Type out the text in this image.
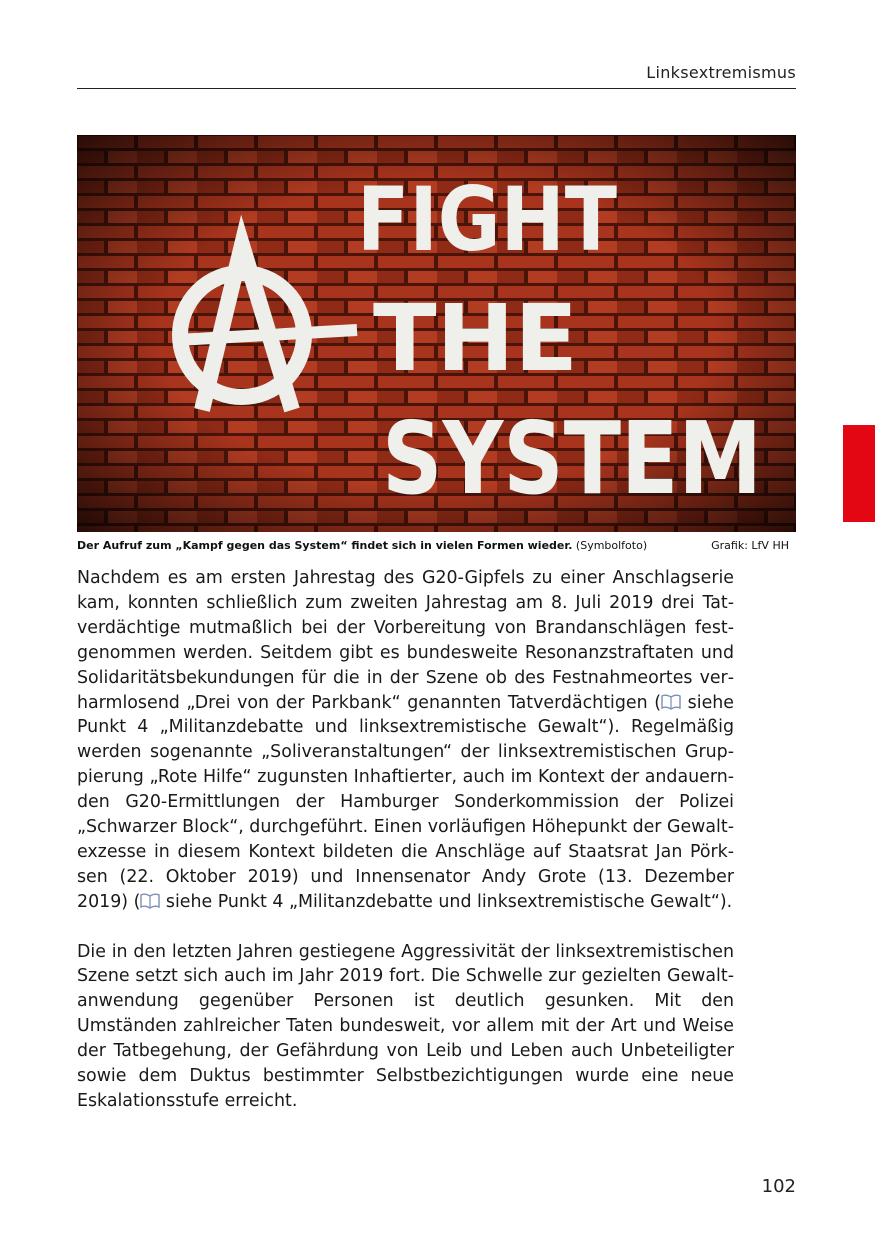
Linksextremismus
FIGHT
THE
SYSTEM
Der Aufruf zum „Kampf gegen das System“ findet sich in vielen Formen wieder. (Symbolfoto)	Grafik: LfV HH

Nachdem es am ersten Jahrestag des G20-Gipfels zu einer Anschlagserie kam, konnten schließlich zum zweiten Jahrestag am 8. Juli 2019 drei Tatverdächtige mutmaßlich bei der Vorbereitung von Brandanschlägen festgenommen werden. Seitdem gibt es bundesweite Resonanzstraftaten und Solidaritätsbekundungen für die in der Szene ob des Festnahmeortes verharmlosend „Drei von der Parkbank“ genannten Tatverdächtigen ( siehe Punkt 4 „Militanzdebatte und linksextremistische Gewalt“). Regelmäßig werden sogenannte „Soliveranstaltungen“ der linksextremistischen Gruppierung „Rote Hilfe“ zugunsten Inhaftierter, auch im Kontext der andauernden G20-Ermittlungen der Hamburger Sonderkommission der Polizei „Schwarzer Block“, durchgeführt. Einen vorläufigen Höhepunkt der Gewaltexzesse in diesem Kontext bildeten die Anschläge auf Staatsrat Jan Pörksen (22. Oktober 2019) und Innensenator Andy Grote (13. Dezember 2019) ( siehe Punkt 4 „Militanzdebatte und linksextremistische Gewalt“).

Die in den letzten Jahren gestiegene Aggressivität der linksextremistischen Szene setzt sich auch im Jahr 2019 fort. Die Schwelle zur gezielten Gewaltanwendung gegenüber Personen ist deutlich gesunken. Mit den Umständen zahlreicher Taten bundesweit, vor allem mit der Art und Weise der Tatbegehung, der Gefährdung von Leib und Leben auch Unbeteiligter sowie dem Duktus bestimmter Selbstbezichtigungen wurde eine neue Eskalationsstufe erreicht.

102
